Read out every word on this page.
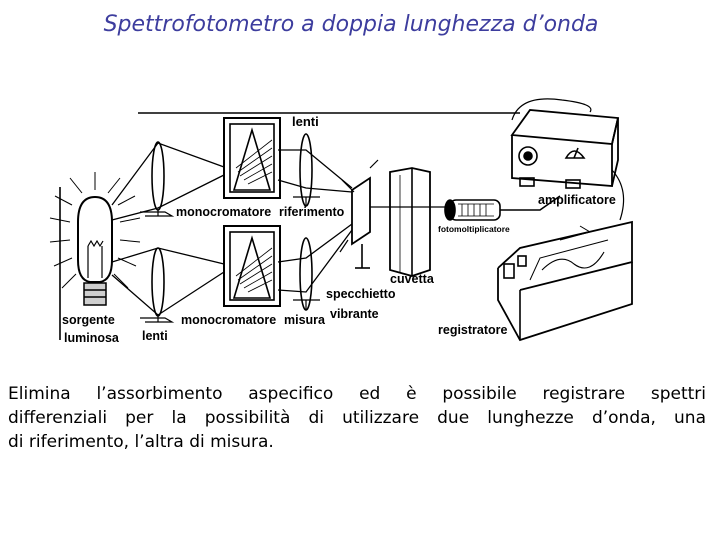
Spettrofotometro a doppia lunghezza d’onda
lenti
monocromatore riferimento
amplificatore
fotomoltiplicatore
cuvetta
specchietto
vibrante
sorgente
luminosa lenti
monocromatore misura
registratore
Elimina l’assorbimento aspecifico ed è possibile registrare spettri
differenziali per la possibilità di utilizzare due lunghezze d’onda, una
di riferimento, l’altra di misura.
